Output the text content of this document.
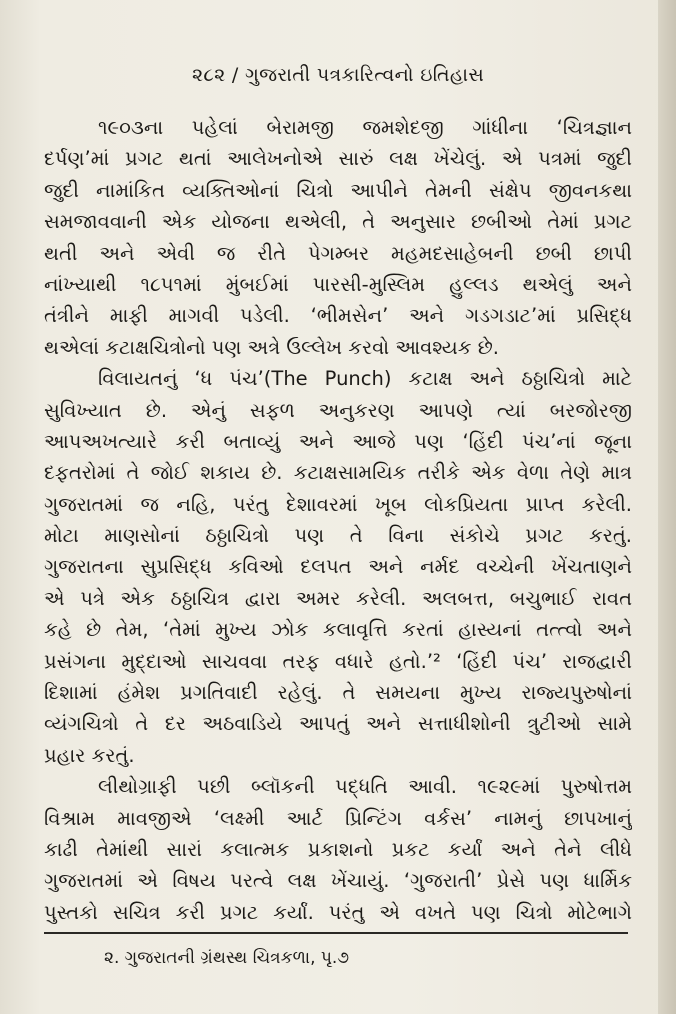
૨૮૨ / ગુજરાતી પત્રકારિત્વનો ઇતિહાસ
૧૯૦૩ના પહેલાં બેરામજી જમશેદજી ગાંધીના ‘ચિત્રજ્ઞાન
દર્પણ’માં પ્રગટ થતાં આલેખનોએ સારું લક્ષ ખેંચેલું. એ પત્રમાં જુદી
જુદી નામાંકિત વ્યક્તિઓનાં ચિત્રો આપીને તેમની સંક્ષેપ જીવનકથા
સમજાવવાની એક યોજના થએલી, તે અનુસાર છબીઓ તેમાં પ્રગટ
થતી અને એવી જ રીતે પેગમ્બર મહમદસાહેબની છબી છાપી
નાંખ્યાથી ૧૮૫૧માં મુંબઈમાં પારસી-મુસ્લિમ હુલ્લડ થએલું અને
તંત્રીને માફી માગવી પડેલી. ‘ભીમસેન’ અને ગડગડાટ’માં પ્રસિદ્ધ
થએલાં કટાક્ષચિત્રોનો પણ અત્રે ઉલ્લેખ કરવો આવશ્યક છે.
વિલાયતનું ‘ધ પંચ’(The Punch) કટાક્ષ અને ઠઠ્ઠાચિત્રો માટે
સુવિખ્યાત છે. એનું સફળ અનુકરણ આપણે ત્યાં બરજોરજી
આપઅખત્યારે કરી બતાવ્યું અને આજે પણ ‘હિંદી પંચ’નાં જૂના
દફતરોમાં તે જોઈ શકાય છે. કટાક્ષસામયિક તરીકે એક વેળા તેણે માત્ર
ગુજરાતમાં જ નહિ, પરંતુ દેશાવરમાં ખૂબ લોકપ્રિયતા પ્રાપ્ત કરેલી.
મોટા માણસોનાં ઠઠ્ઠાચિત્રો પણ તે વિના સંકોચે પ્રગટ કરતું.
ગુજરાતના સુપ્રસિદ્ધ કવિઓ દલપત અને નર્મદ વચ્ચેની ખેંચતાણને
એ પત્રે એક ઠઠ્ઠાચિત્ર દ્વારા અમર કરેલી. અલબત્ત, બચુભાઈ રાવત
કહે છે તેમ, ‘તેમાં મુખ્ય ઝોક કલાવૃત્તિ કરતાં હાસ્યનાં તત્ત્વો અને
પ્રસંગના મુદ્દાઓ સાચવવા તરફ વધારે હતો.’² ‘હિંદી પંચ’ રાજદ્વારી
દિશામાં હંમેશ પ્રગતિવાદી રહેલું. તે સમયના મુખ્ય રાજ્યપુરુષોનાં
વ્યંગચિત્રો તે દર અઠવાડિયે આપતું અને સત્તાધીશોની ત્રુટીઓ સામે
પ્રહાર કરતું.
લીથોગ્રાફી પછી બ્લૉકની પદ્ધતિ આવી. ૧૯૨૯માં પુરુષોત્તમ
વિશ્રામ માવજીએ ‘લક્ષ્મી આર્ટ પ્રિન્ટિંગ વર્કસ’ નામનું છાપખાનું
કાઢી તેમાંથી સારાં કલાત્મક પ્રકાશનો પ્રકટ કર્યાં અને તેને લીધે
ગુજરાતમાં એ વિષય પરત્વે લક્ષ ખેંચાયું. ‘ગુજરાતી’ પ્રેસે પણ ધાર્મિક
પુસ્તકો સચિત્ર કરી પ્રગટ કર્યાં. પરંતુ એ વખતે પણ ચિત્રો મોટેભાગે
૨. ગુજરાતની ગ્રંથસ્થ ચિત્રકળા, પૃ.૭
